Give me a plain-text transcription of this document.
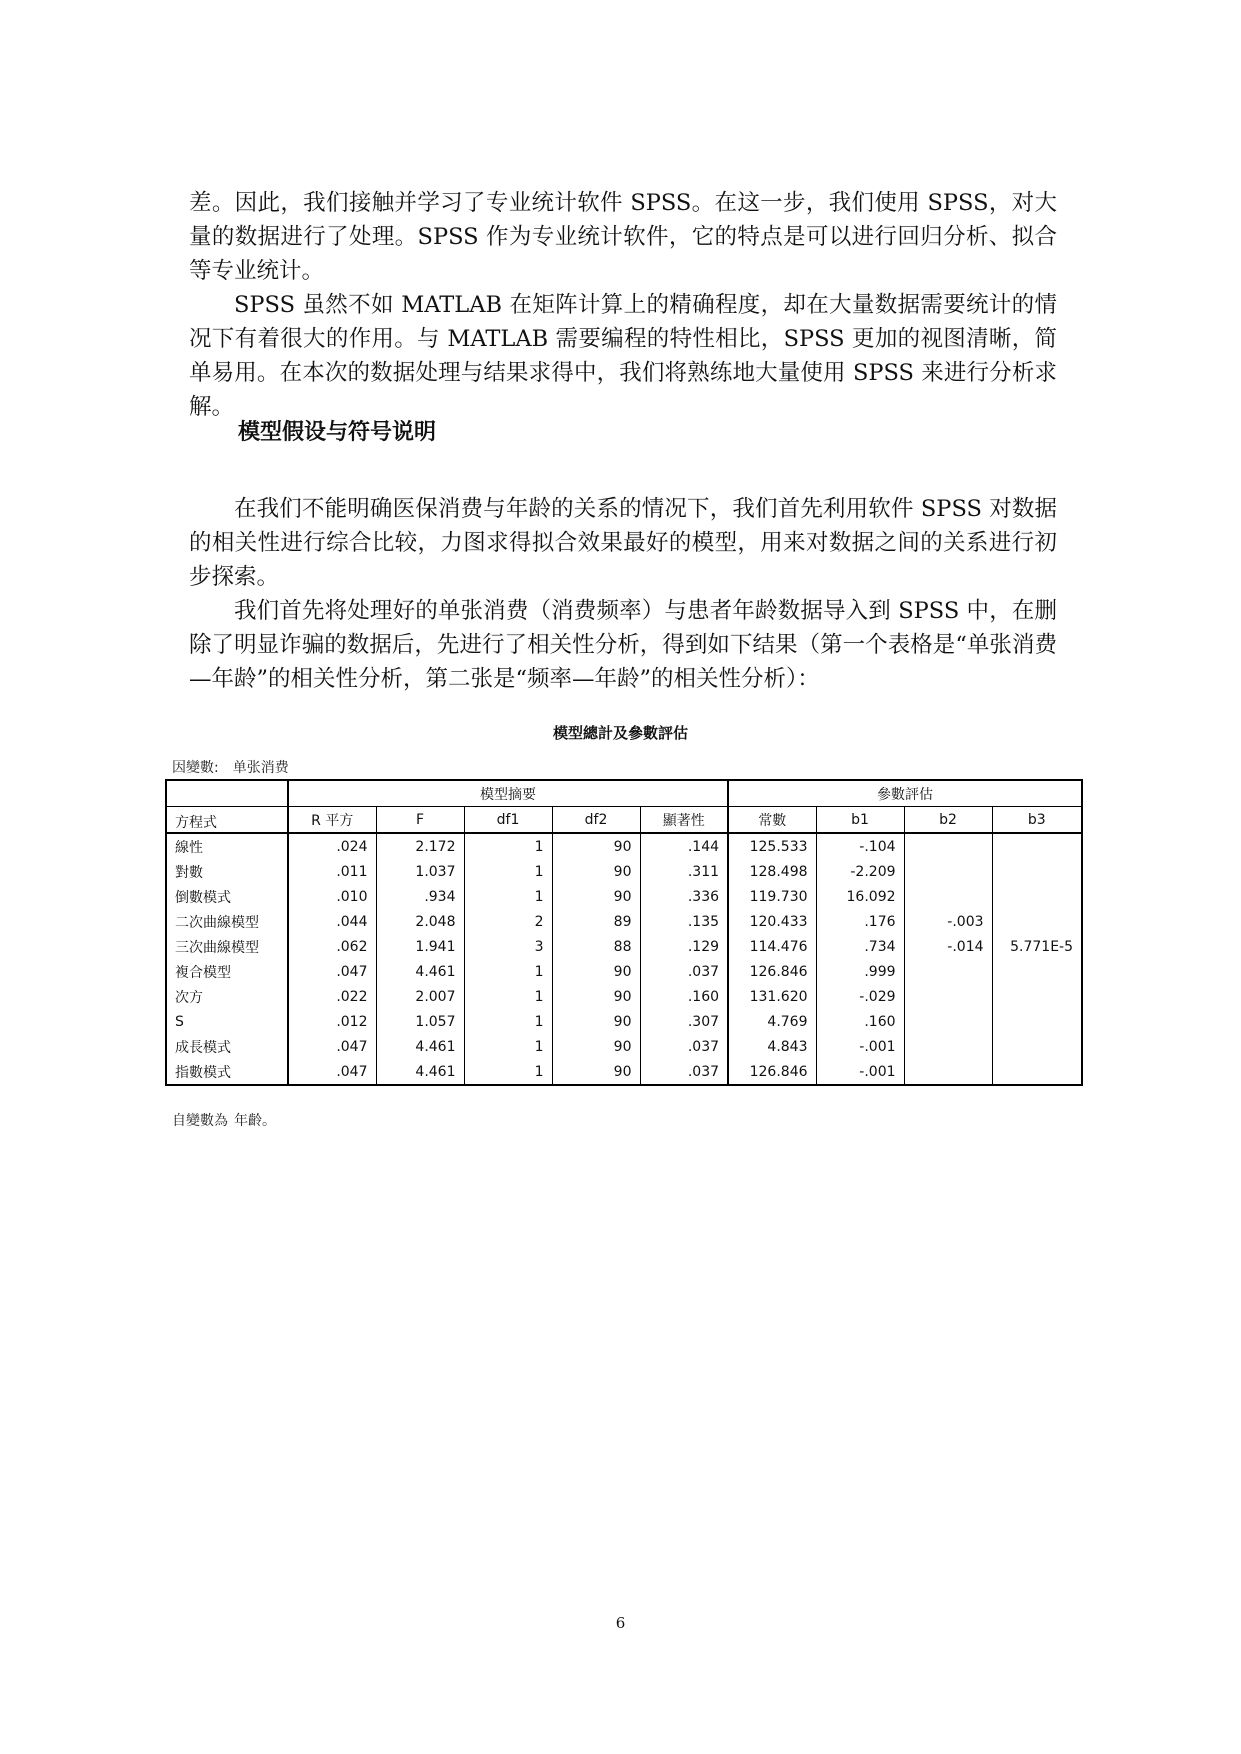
差。因此，我们接触并学习了专业统计软件 SPSS。在这一步，我们使用 SPSS，对大量的数据进行了处理。SPSS 作为专业统计软件，它的特点是可以进行回归分析、拟合等专业统计。

SPSS 虽然不如 MATLAB 在矩阵计算上的精确程度，却在大量数据需要统计的情况下有着很大的作用。与 MATLAB 需要编程的特性相比，SPSS 更加的视图清晰，简单易用。在本次的数据处理与结果求得中，我们将熟练地大量使用 SPSS 来进行分析求解。

模型假设与符号说明

在我们不能明确医保消费与年龄的关系的情况下，我们首先利用软件 SPSS 对数据的相关性进行综合比较，力图求得拟合效果最好的模型，用来对数据之间的关系进行初步探索。

我们首先将处理好的单张消费（消费频率）与患者年龄数据导入到 SPSS 中，在删除了明显诈骗的数据后，先进行了相关性分析，得到如下结果（第一个表格是“单张消费—年龄”的相关性分析，第二张是“频率—年龄”的相关性分析）：

模型總計及參數評估
因變數: 单张消费
	模型摘要					參數評估			
方程式	R 平方	F	df1	df2	顯著性	常數	b1	b2	b3
線性	.024	2.172	1	90	.144	125.533	-.104		
對數	.011	1.037	1	90	.311	128.498	-2.209		
倒數模式	.010	.934	1	90	.336	119.730	16.092		
二次曲線模型	.044	2.048	2	89	.135	120.433	.176	-.003	
三次曲線模型	.062	1.941	3	88	.129	114.476	.734	-.014	5.771E-5
複合模型	.047	4.461	1	90	.037	126.846	.999		
次方	.022	2.007	1	90	.160	131.620	-.029		
S	.012	1.057	1	90	.307	4.769	.160		
成長模式	.047	4.461	1	90	.037	4.843	-.001		
指數模式	.047	4.461	1	90	.037	126.846	-.001		
自變數為 年齡。
6
